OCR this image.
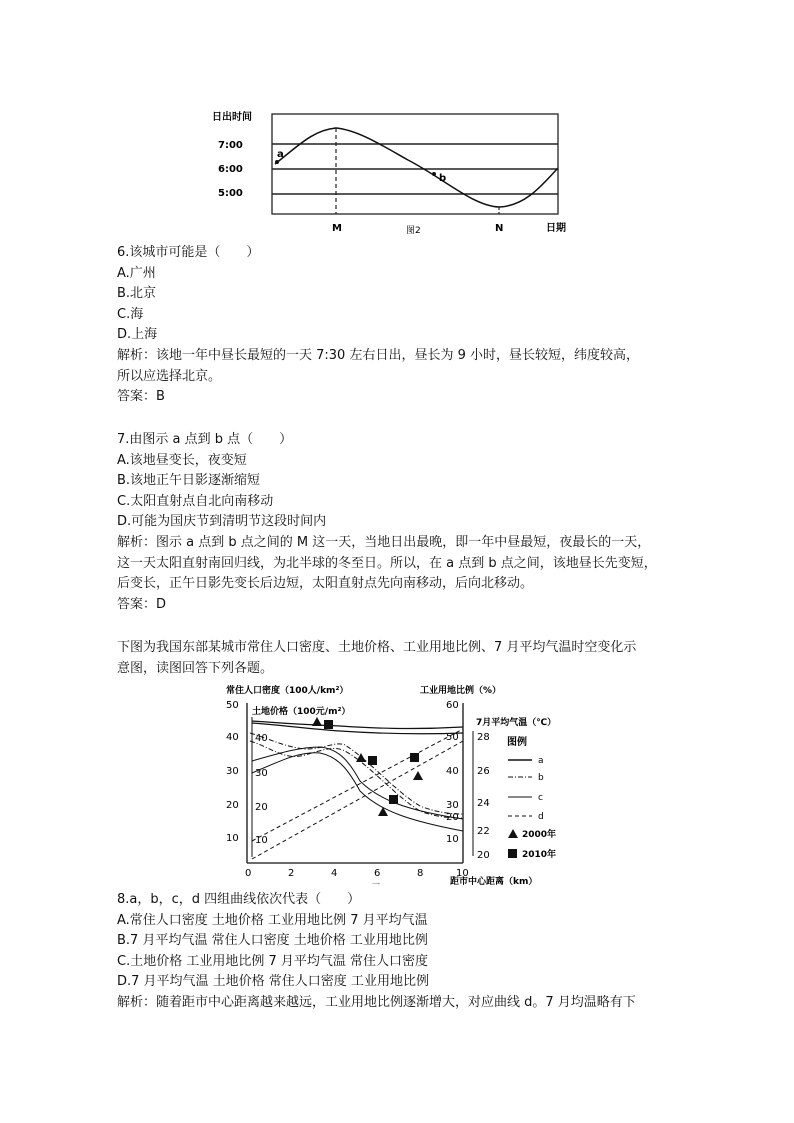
日出时间
7:00
6:00
5:00
a
b
M	图2	N	日期
6.该城市可能是（　　）
A.广州
B.北京
C.海
D.上海
解析：该地一年中昼长最短的一天 7:30 左右日出，昼长为 9 小时，昼长较短，纬度较高，
所以应选择北京。
答案：B
7.由图示 a 点到 b 点（　　）
A.该地昼变长，夜变短
B.该地正午日影逐渐缩短
C.太阳直射点自北向南移动
D.可能为国庆节到清明节这段时间内
解析：图示 a 点到 b 点之间的 M 这一天，当地日出最晚，即一年中昼最短，夜最长的一天，
这一天太阳直射南回归线，为北半球的冬至日。所以，在 a 点到 b 点之间，该地昼长先变短，
后变长，正午日影先变长后边短，太阳直射点先向南移动，后向北移动。
答案：D
下图为我国东部某城市常住人口密度、土地价格、工业用地比例、7 月平均气温时空变化示
意图，读图回答下列各题。
常住人口密度（100人/km²）
土地价格（100元/m²）
工业用地比例（%）
7月平均气温（℃）
50
40
30
20
10
40
30
20
10
60
50
40
30
20
10
28
26
24
22
20
0	2	4	6	8	10
一	距市中心距离（km）
图例
a
b
c
d
2000年
2010年
8.a，b，c，d 四组曲线依次代表（　　）
A.常住人口密度 土地价格 工业用地比例 7 月平均气温
B.7 月平均气温 常住人口密度 土地价格 工业用地比例
C.土地价格 工业用地比例 7 月平均气温 常住人口密度
D.7 月平均气温 土地价格 常住人口密度 工业用地比例
解析：随着距市中心距离越来越远，工业用地比例逐渐增大，对应曲线 d。7 月均温略有下
